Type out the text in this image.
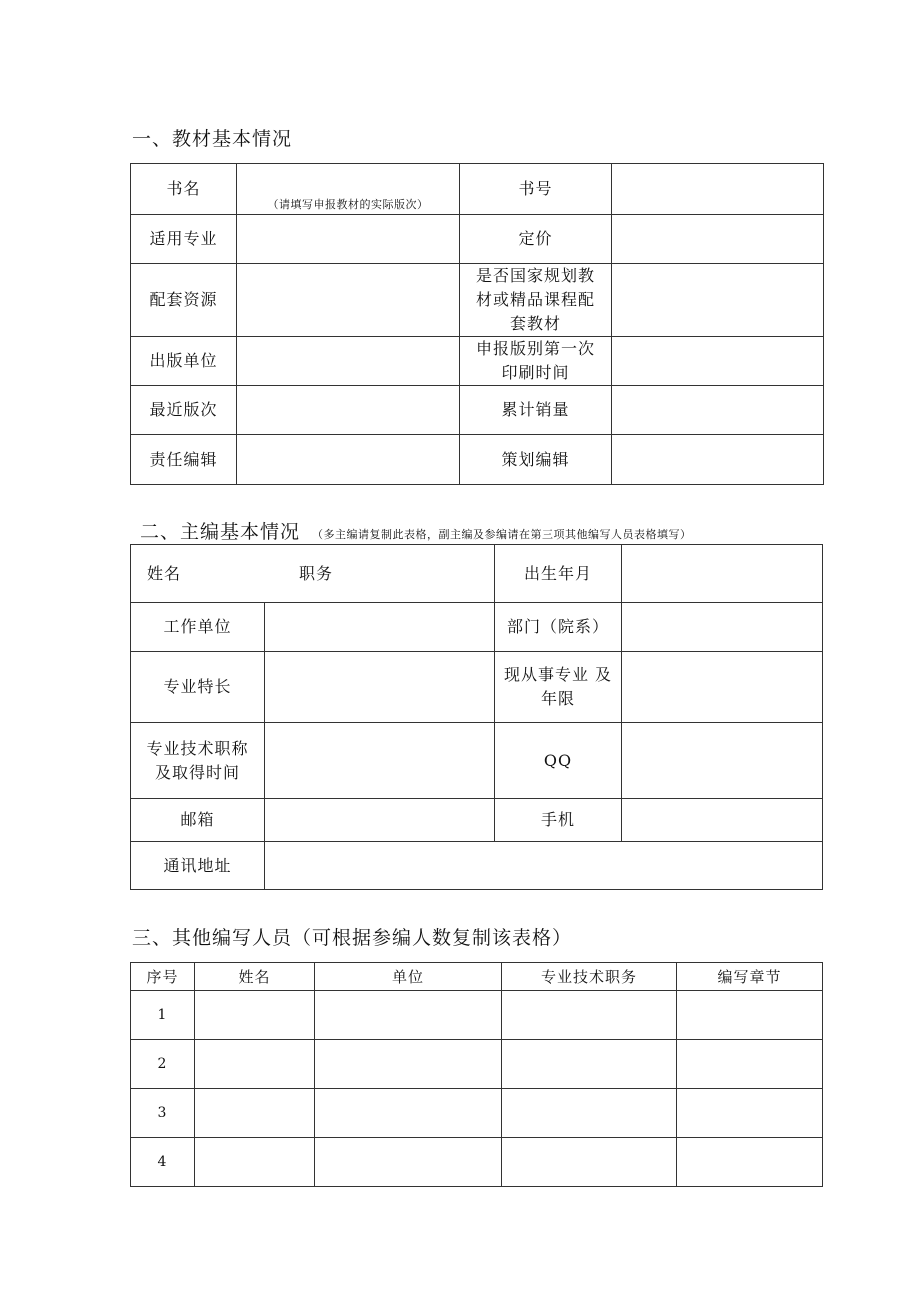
一、教材基本情况
书名	（请填写申报教材的实际版次）	书号	
适用专业		定价	
配套资源		是否国家规划教材或精品课程配套教材	
出版单位		申报版别第一次印刷时间	
最近版次		累计销量	
责任编辑		策划编辑	
二、主编基本情况 （多主编请复制此表格，副主编及参编请在第三项其他编写人员表格填写）
姓名 职务		出生年月	
工作单位		部门（院系）	
专业特长		现从事专业 及年限	
专业技术职称及取得时间		QQ	
邮箱		手机	
通讯地址			
三、其他编写人员（可根据参编人数复制该表格）
序号	姓名	单位	专业技术职务	编写章节
1				
2				
3				
4				
